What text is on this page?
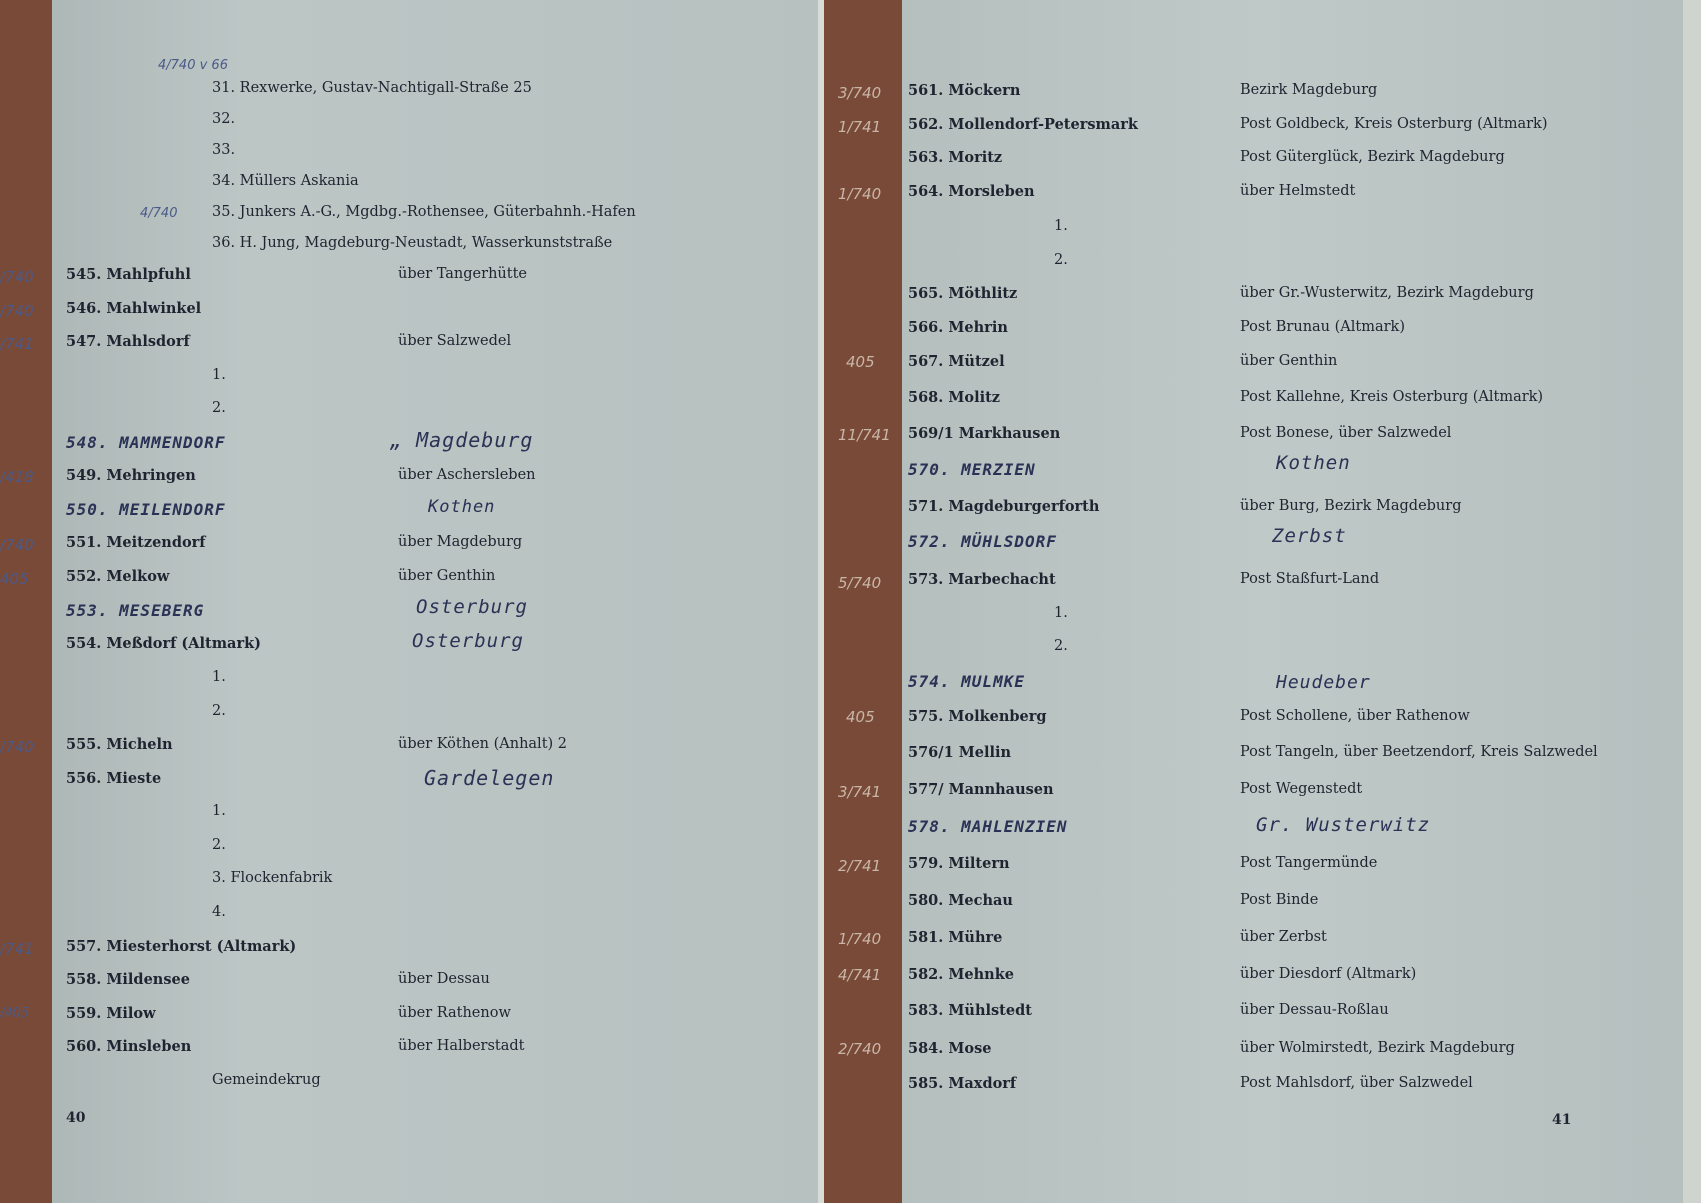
31. Rexwerke, Gustav-Nachtigall-Straße 25
32.
33.
34. Müllers Askania
35. Junkers A.-G., Mgdbg.-Rothensee, Güterbahnh.-Hafen
36. H. Jung, Magdeburg-Neustadt, Wasserkunststraße
545. Mahlpfuhl	über Tangerhütte
546. Mahlwinkel
547. Mahlsdorf	über Salzwedel
1.
2.
548. MAMMENDORF	„ Magdeburg
549. Mehringen	über Aschersleben
550. MEILENDORF	Kothen
551. Meitzendorf	über Magdeburg
552. Melkow	über Genthin
553. MESEBERG	Osterburg
554. Meßdorf (Altmark)	Osterburg
1.
2.
555. Micheln	über Köthen (Anhalt) 2
556. Mieste	Gardelegen
1.
2.
3. Flockenfabrik
4.
557. Miesterhorst (Altmark)
558. Mildensee	über Dessau
559. Milow	über Rathenow
560. Minsleben	über Halberstadt
Gemeindekrug
40
4/740 v 66
4/740
/740
/740
/741
/418
/740
405
/740
/741
/405
561. Möckern	Bezirk Magdeburg
562. Mollendorf-Petersmark	Post Goldbeck, Kreis Osterburg (Altmark)
563. Moritz	Post Güterglück, Bezirk Magdeburg
564. Morsleben	über Helmstedt
1.
2.
565. Möthlitz	über Gr.-Wusterwitz, Bezirk Magdeburg
566. Mehrin	Post Brunau (Altmark)
567. Mützel	über Genthin
568. Molitz	Post Kallehne, Kreis Osterburg (Altmark)
569/1 Markhausen	Post Bonese, über Salzwedel
570. MERZIEN	Kothen
571. Magdeburgerforth	über Burg, Bezirk Magdeburg
572. MÜHLSDORF	Zerbst
573. Marbechacht	Post Staßfurt-Land
1.
2.
574. MULMKE	Heudeber
575. Molkenberg	Post Schollene, über Rathenow
576/1 Mellin	Post Tangeln, über Beetzendorf, Kreis Salzwedel
577/ Mannhausen	Post Wegenstedt
578. MAHLENZIEN	Gr. Wusterwitz
579. Miltern	Post Tangermünde
580. Mechau	Post Binde
581. Mühre	über Zerbst
582. Mehnke	über Diesdorf (Altmark)
583. Mühlstedt	über Dessau-Roßlau
584. Mose	über Wolmirstedt, Bezirk Magdeburg
585. Maxdorf	Post Mahlsdorf, über Salzwedel
41
3/740
1/741
1/740
405
11/741
5/740
405
3/741
2/741
1/740
4/741
2/740
